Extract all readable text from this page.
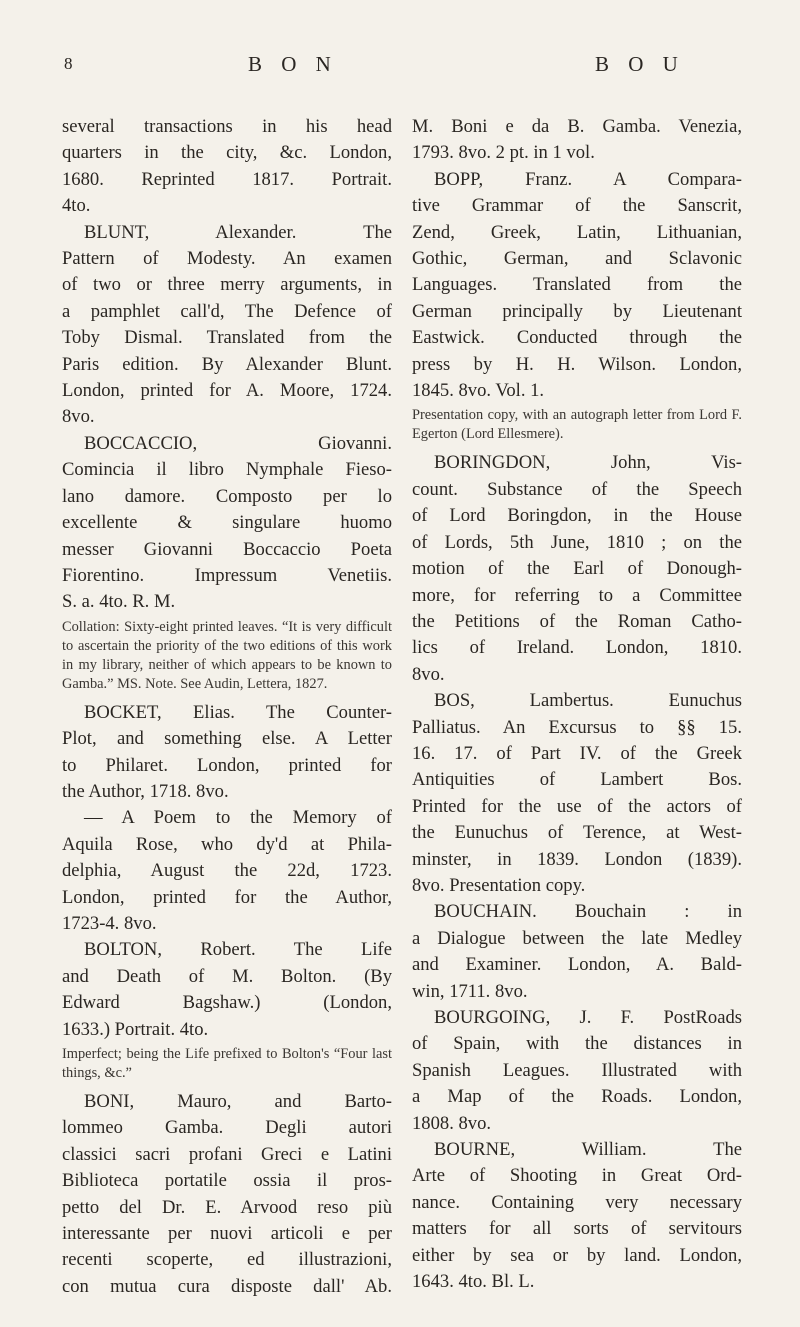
8	B O N	B O U
several transactions in his head
quarters in the city, &c. London,
1680. Reprinted 1817. Portrait.
4to.
BLUNT, Alexander. The
Pattern of Modesty. An examen
of two or three merry arguments, in
a pamphlet call'd, The Defence of
Toby Dismal. Translated from the
Paris edition. By Alexander Blunt.
London, printed for A. Moore, 1724.
8vo.
BOCCACCIO, Giovanni.
Comincia il libro Nymphale Fieso-
lano damore. Composto per lo
excellente & singulare huomo
messer Giovanni Boccaccio Poeta
Fiorentino. Impressum Venetiis.
S. a. 4to. R. M.
Collation: Sixty-eight printed leaves. “It is very difficult to ascertain the priority of the two editions of this work in my library, neither of which appears to be known to Gamba.” MS. Note. See Audin, Lettera, 1827.
BOCKET, Elias. The Counter-
Plot, and something else. A Letter
to Philaret. London, printed for
the Author, 1718. 8vo.
— A Poem to the Memory of
Aquila Rose, who dy'd at Phila-
delphia, August the 22d, 1723.
London, printed for the Author,
1723-4. 8vo.
BOLTON, Robert. The Life
and Death of M. Bolton. (By
Edward Bagshaw.) (London,
1633.) Portrait. 4to.
Imperfect; being the Life prefixed to Bolton's “Four last things, &c.”
BONI, Mauro, and Barto-
lommeo Gamba. Degli autori
classici sacri profani Greci e Latini
Biblioteca portatile ossia il pros-
petto del Dr. E. Arvood reso più
interessante per nuovi articoli e per
recenti scoperte, ed illustrazioni,
con mutua cura disposte dall' Ab.
M. Boni e da B. Gamba. Venezia,
1793. 8vo. 2 pt. in 1 vol.
BOPP, Franz. A Compara-
tive Grammar of the Sanscrit,
Zend, Greek, Latin, Lithuanian,
Gothic, German, and Sclavonic
Languages. Translated from the
German principally by Lieutenant
Eastwick. Conducted through the
press by H. H. Wilson. London,
1845. 8vo. Vol. 1.
Presentation copy, with an autograph letter from Lord F. Egerton (Lord Ellesmere).
BORINGDON, John, Vis-
count. Substance of the Speech
of Lord Boringdon, in the House
of Lords, 5th June, 1810 ; on the
motion of the Earl of Donough-
more, for referring to a Committee
the Petitions of the Roman Catho-
lics of Ireland. London, 1810.
8vo.
BOS, Lambertus. Eunuchus
Palliatus. An Excursus to §§ 15.
16. 17. of Part IV. of the Greek
Antiquities of Lambert Bos.
Printed for the use of the actors of
the Eunuchus of Terence, at West-
minster, in 1839. London (1839).
8vo. Presentation copy.
BOUCHAIN. Bouchain : in
a Dialogue between the late Medley
and Examiner. London, A. Bald-
win, 1711. 8vo.
BOURGOING, J. F. PostRoads
of Spain, with the distances in
Spanish Leagues. Illustrated with
a Map of the Roads. London,
1808. 8vo.
BOURNE, William. The
Arte of Shooting in Great Ord-
nance. Containing very necessary
matters for all sorts of servitours
either by sea or by land. London,
1643. 4to. Bl. L.
